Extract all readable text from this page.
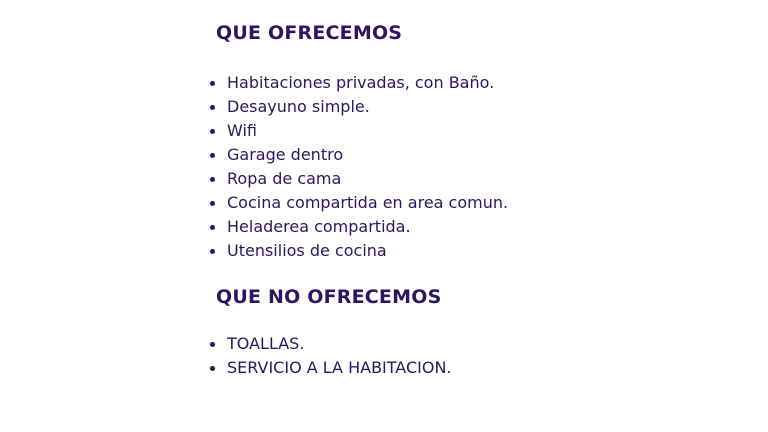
QUE OFRECEMOS
Habitaciones privadas, con Baño.
Desayuno simple.
Wifi
Garage dentro
Ropa de cama
Cocina compartida en area comun.
Heladerea compartida.
Utensilios de cocina
QUE NO OFRECEMOS
TOALLAS.
SERVICIO A LA HABITACION.
